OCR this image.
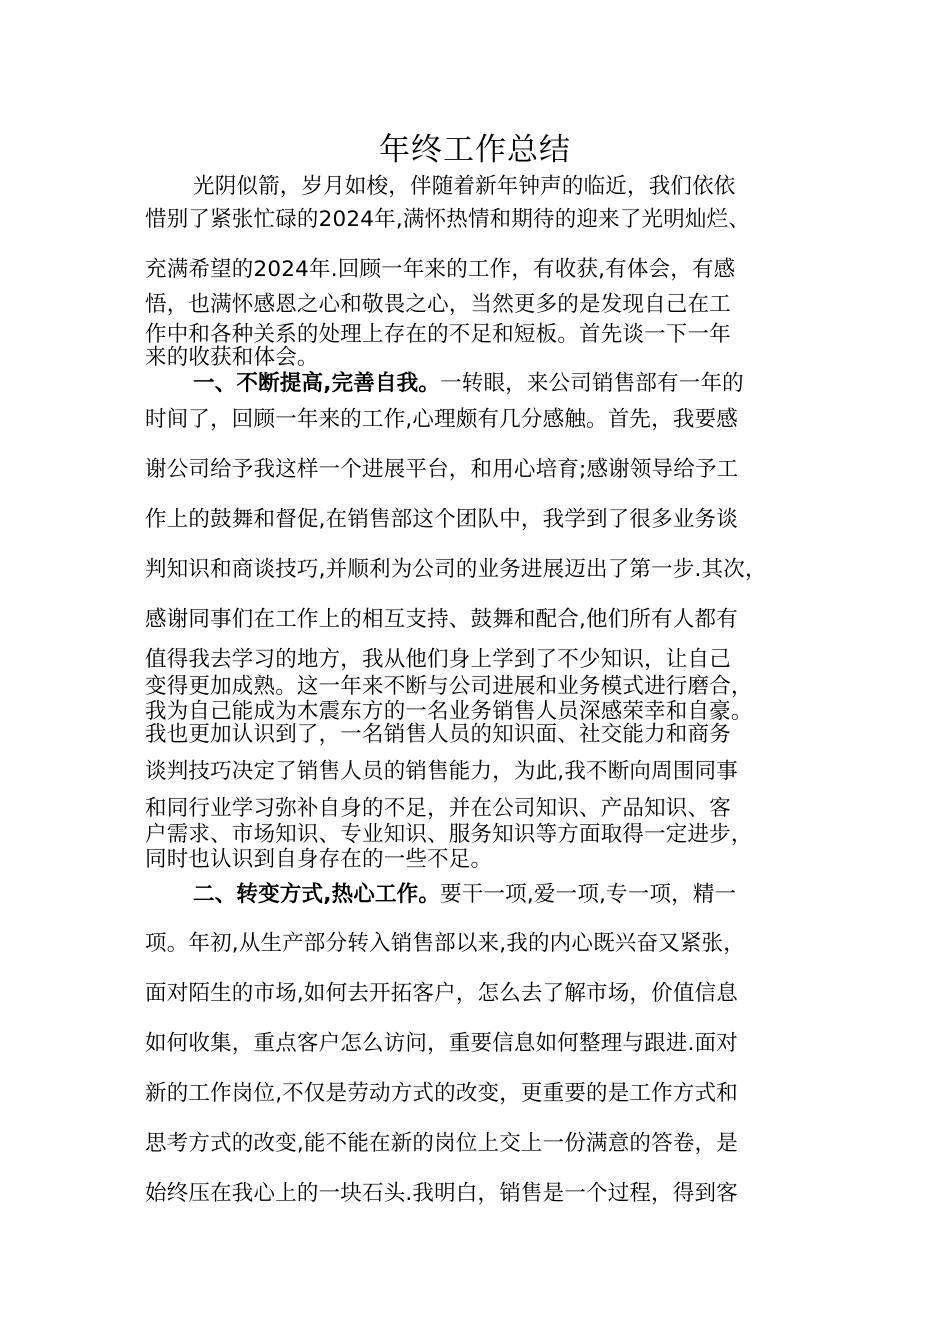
年终工作总结
光阴似箭，岁月如梭，伴随着新年钟声的临近，我们依依
惜别了紧张忙碌的2024年,满怀热情和期待的迎来了光明灿烂、
充满希望的2024年.回顾一年来的工作，有收获,有体会，有感
悟，也满怀感恩之心和敬畏之心，当然更多的是发现自己在工
作中和各种关系的处理上存在的不足和短板。首先谈一下一年
来的收获和体会。
一、不断提高,完善自我。一转眼，来公司销售部有一年的
时间了，回顾一年来的工作,心理颇有几分感触。首先，我要感
谢公司给予我这样一个进展平台，和用心培育;感谢领导给予工
作上的鼓舞和督促,在销售部这个团队中，我学到了很多业务谈
判知识和商谈技巧,并顺利为公司的业务进展迈出了第一步.其次，
感谢同事们在工作上的相互支持、鼓舞和配合,他们所有人都有
值得我去学习的地方，我从他们身上学到了不少知识，让自己
变得更加成熟。这一年来不断与公司进展和业务模式进行磨合，
我为自己能成为木震东方的一名业务销售人员深感荣幸和自豪。
我也更加认识到了，一名销售人员的知识面、社交能力和商务
谈判技巧决定了销售人员的销售能力，为此,我不断向周围同事
和同行业学习弥补自身的不足，并在公司知识、产品知识、客
户需求、市场知识、专业知识、服务知识等方面取得一定进步，
同时也认识到自身存在的一些不足。
二、转变方式,热心工作。要干一项,爱一项,专一项，精一
项。年初,从生产部分转入销售部以来,我的内心既兴奋又紧张，
面对陌生的市场,如何去开拓客户，怎么去了解市场，价值信息
如何收集，重点客户怎么访问，重要信息如何整理与跟进.面对
新的工作岗位,不仅是劳动方式的改变，更重要的是工作方式和
思考方式的改变,能不能在新的岗位上交上一份满意的答卷，是
始终压在我心上的一块石头.我明白，销售是一个过程，得到客
